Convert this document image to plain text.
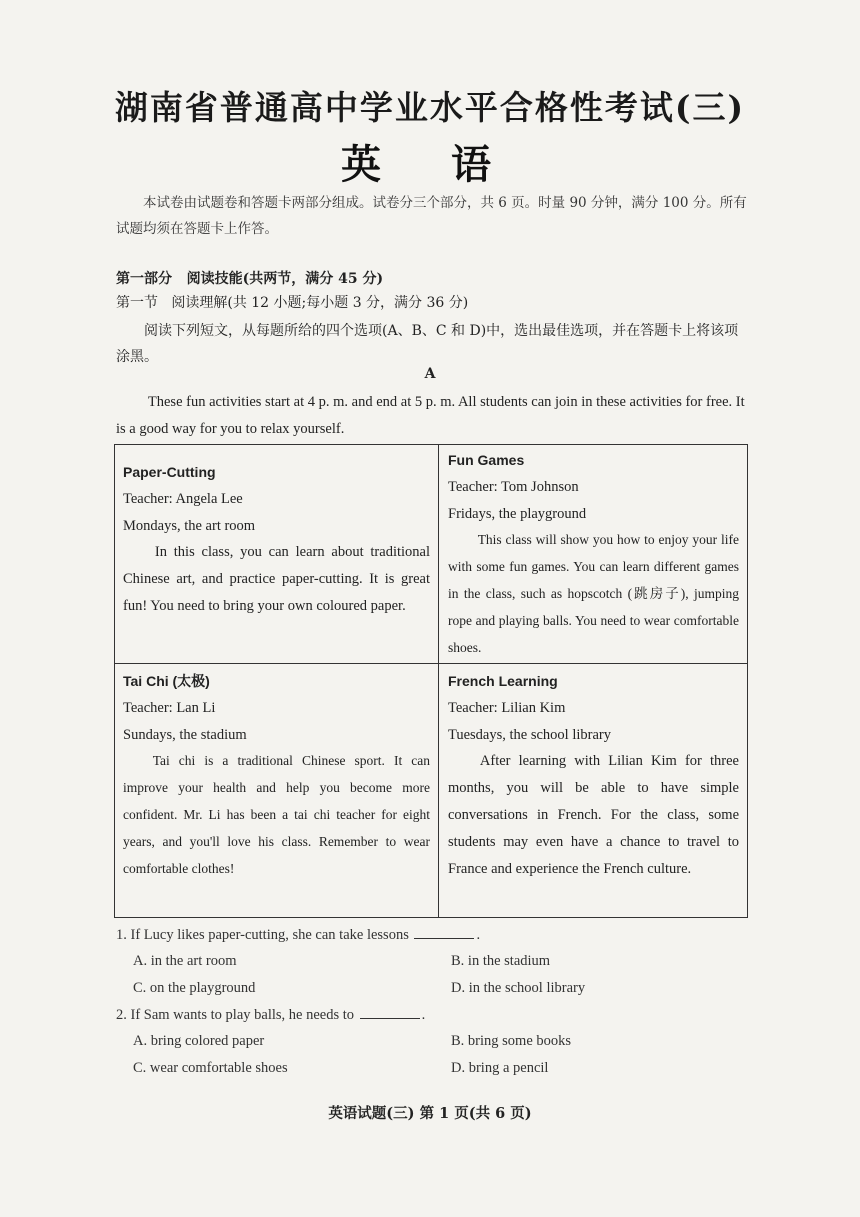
湖南省普通高中学业水平合格性考试(三)
英 语
本试卷由试题卷和答题卡两部分组成。试卷分三个部分，共 6 页。时量 90 分钟，满分 100 分。所有试题均须在答题卡上作答。
第一部分 阅读技能(共两节，满分 45 分)
第一节 阅读理解(共 12 小题;每小题 3 分，满分 36 分)
阅读下列短文，从每题所给的四个选项(A、B、C 和 D)中，选出最佳选项，并在答题卡上将该项涂黑。
A
These fun activities start at 4 p. m. and end at 5 p. m. All students can join in these activities for free. It is a good way for you to relax yourself.
Paper-Cutting
Teacher: Angela Lee
Mondays, the art room
In this class, you can learn about traditional Chinese art, and practice paper-cutting. It is great fun! You need to bring your own coloured paper.
Fun Games
Teacher: Tom Johnson
Fridays, the playground
This class will show you how to enjoy your life with some fun games. You can learn different games in the class, such as hopscotch (跳房子), jumping rope and playing balls. You need to wear comfortable shoes.
Tai Chi (太极)
Teacher: Lan Li
Sundays, the stadium
Tai chi is a traditional Chinese sport. It can improve your health and help you become more confident. Mr. Li has been a tai chi teacher for eight years, and you'll love his class. Remember to wear comfortable clothes!
French Learning
Teacher: Lilian Kim
Tuesdays, the school library
After learning with Lilian Kim for three months, you will be able to have simple conversations in French. For the class, some students may even have a chance to travel to France and experience the French culture.
1. If Lucy likes paper-cutting, she can take lessons	.
A. in the art room	B. in the stadium
C. on the playground	D. in the school library
2. If Sam wants to play balls, he needs to	.
A. bring colored paper	B. bring some books
C. wear comfortable shoes	D. bring a pencil
英语试题(三) 第 1 页(共 6 页)
